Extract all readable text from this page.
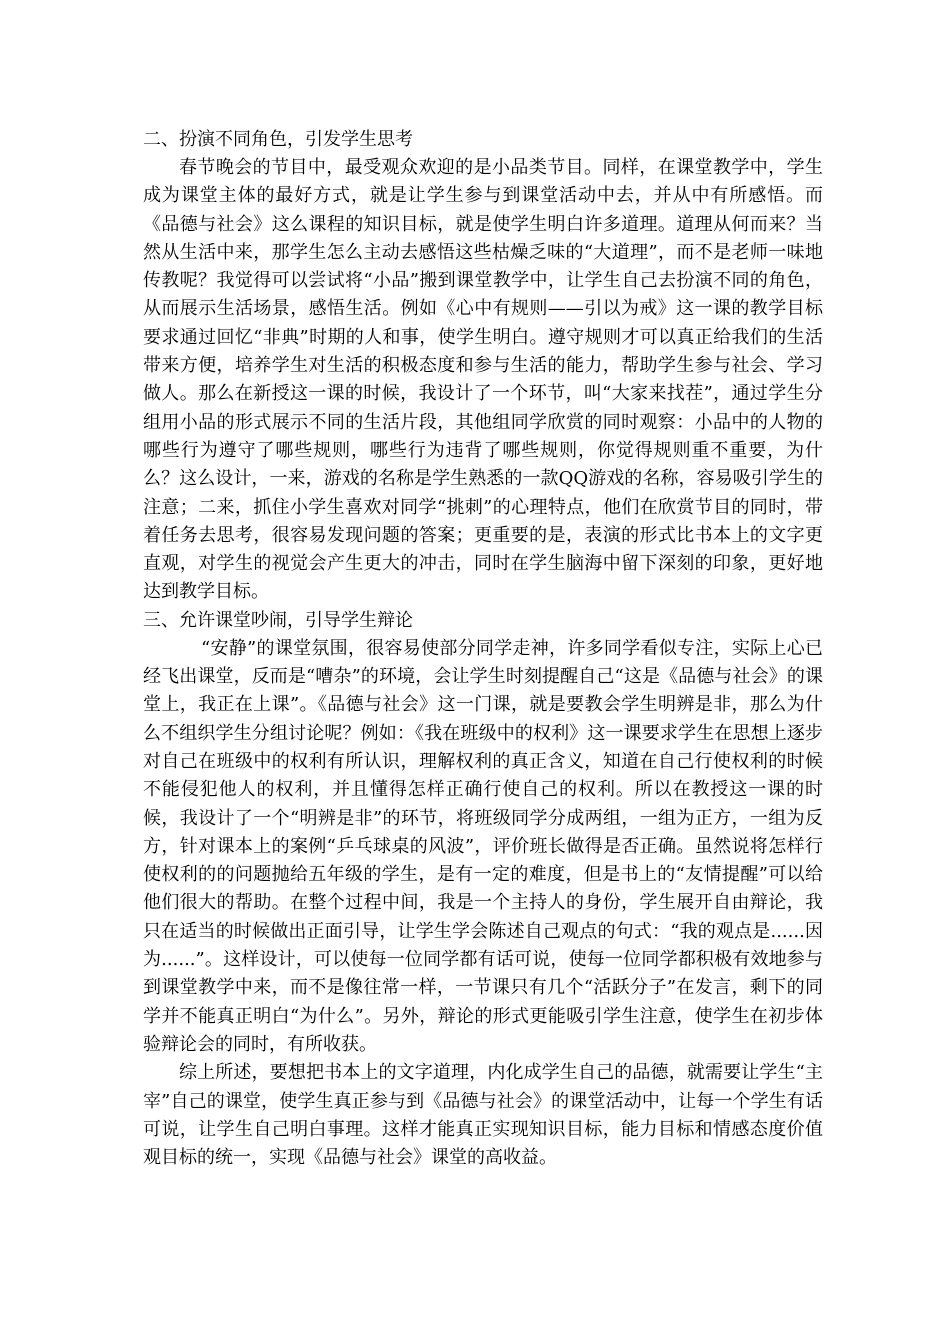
二、扮演不同角色，引发学生思考

春节晚会的节目中，最受观众欢迎的是小品类节目。同样，在课堂教学中，学生成为课堂主体的最好方式，就是让学生参与到课堂活动中去，并从中有所感悟。而《品德与社会》这么课程的知识目标，就是使学生明白许多道理。道理从何而来？当然从生活中来，那学生怎么主动去感悟这些枯燥乏味的“大道理”，而不是老师一味地传教呢？我觉得可以尝试将“小品”搬到课堂教学中，让学生自己去扮演不同的角色，从而展示生活场景，感悟生活。例如《心中有规则——引以为戒》这一课的教学目标要求通过回忆“非典”时期的人和事，使学生明白。遵守规则才可以真正给我们的生活带来方便，培养学生对生活的积极态度和参与生活的能力，帮助学生参与社会、学习做人。那么在新授这一课的时候，我设计了一个环节，叫“大家来找茬”，通过学生分组用小品的形式展示不同的生活片段，其他组同学欣赏的同时观察：小品中的人物的哪些行为遵守了哪些规则，哪些行为违背了哪些规则，你觉得规则重不重要，为什么？这么设计，一来，游戏的名称是学生熟悉的一款QQ游戏的名称，容易吸引学生的注意；二来，抓住小学生喜欢对同学“挑刺”的心理特点，他们在欣赏节目的同时，带着任务去思考，很容易发现问题的答案；更重要的是，表演的形式比书本上的文字更直观，对学生的视觉会产生更大的冲击，同时在学生脑海中留下深刻的印象，更好地达到教学目标。

三、允许课堂吵闹，引导学生辩论

“安静”的课堂氛围，很容易使部分同学走神，许多同学看似专注，实际上心已经飞出课堂，反而是“嘈杂”的环境，会让学生时刻提醒自己“这是《品德与社会》的课堂上，我正在上课”。《品德与社会》这一门课，就是要教会学生明辨是非，那么为什么不组织学生分组讨论呢？例如：《我在班级中的权利》这一课要求学生在思想上逐步对自己在班级中的权利有所认识，理解权利的真正含义，知道在自己行使权利的时候不能侵犯他人的权利，并且懂得怎样正确行使自己的权利。所以在教授这一课的时候，我设计了一个“明辨是非”的环节，将班级同学分成两组，一组为正方，一组为反方，针对课本上的案例“乒乓球桌的风波”，评价班长做得是否正确。虽然说将怎样行使权利的的问题抛给五年级的学生，是有一定的难度，但是书上的“友情提醒”可以给他们很大的帮助。在整个过程中间，我是一个主持人的身份，学生展开自由辩论，我只在适当的时候做出正面引导，让学生学会陈述自己观点的句式：“我的观点是......因为......”。这样设计，可以使每一位同学都有话可说，使每一位同学都积极有效地参与到课堂教学中来，而不是像往常一样，一节课只有几个“活跃分子”在发言，剩下的同学并不能真正明白“为什么”。另外，辩论的形式更能吸引学生注意，使学生在初步体验辩论会的同时，有所收获。

综上所述，要想把书本上的文字道理，内化成学生自己的品德，就需要让学生“主宰”自己的课堂，使学生真正参与到《品德与社会》的课堂活动中，让每一个学生有话可说，让学生自己明白事理。这样才能真正实现知识目标，能力目标和情感态度价值观目标的统一，实现《品德与社会》课堂的高收益。
